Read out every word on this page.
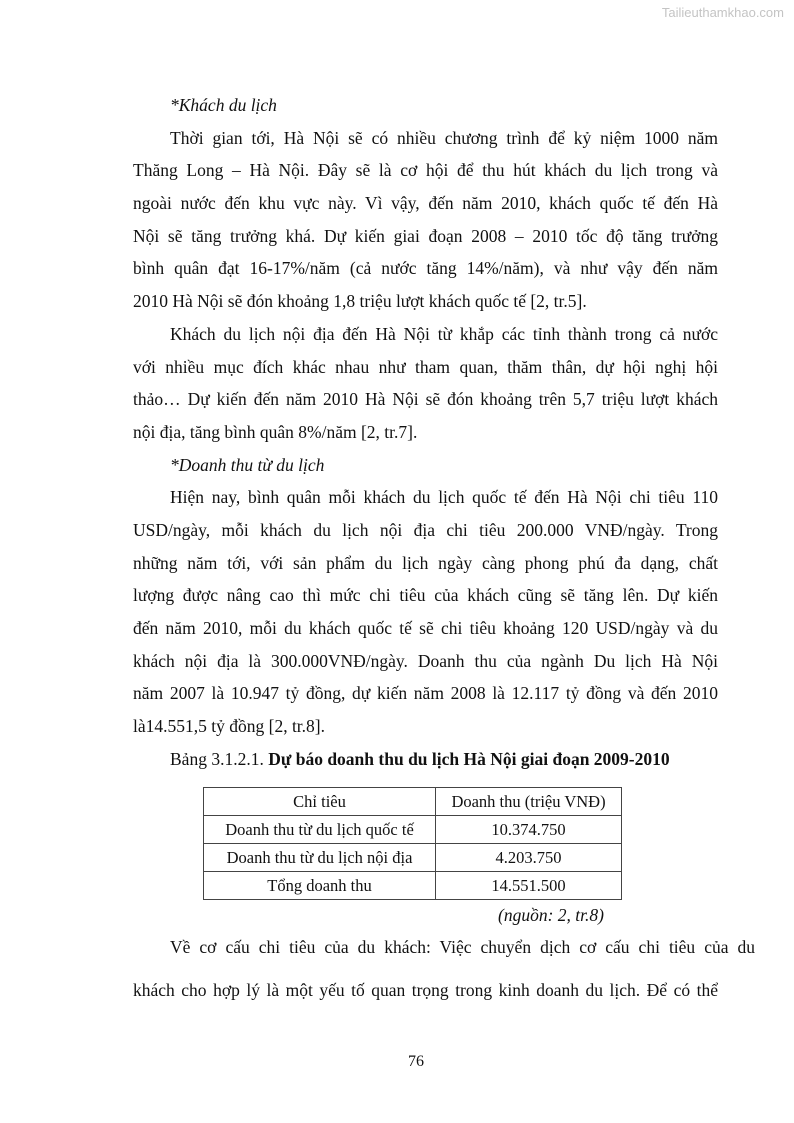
Tailieuthamkhao.com
*Khách du lịch
Thời gian tới, Hà Nội sẽ có nhiều chương trình để kỷ niệm 1000 năm
Thăng Long – Hà Nội. Đây sẽ là cơ hội để thu hút khách du lịch trong và
ngoài nước đến khu vực này. Vì vậy, đến năm 2010, khách quốc tế đến Hà
Nội sẽ tăng trưởng khá. Dự kiến giai đoạn 2008 – 2010 tốc độ tăng trưởng
bình quân đạt 16-17%/năm (cả nước tăng 14%/năm), và như vậy đến năm
2010 Hà Nội sẽ đón khoảng 1,8 triệu lượt khách quốc tế [2, tr.5].
Khách du lịch nội địa đến Hà Nội từ khắp các tỉnh thành trong cả nước
với nhiều mục đích khác nhau như tham quan, thăm thân, dự hội nghị hội
thảo… Dự kiến đến năm 2010 Hà Nội sẽ đón khoảng trên 5,7 triệu lượt khách
nội địa, tăng bình quân 8%/năm [2, tr.7].
*Doanh thu từ du lịch
Hiện nay, bình quân mỗi khách du lịch quốc tế đến Hà Nội chi tiêu 110
USD/ngày, mỗi khách du lịch nội địa chi tiêu 200.000 VNĐ/ngày. Trong
những năm tới, với sản phẩm du lịch ngày càng phong phú đa dạng, chất
lượng được nâng cao thì mức chi tiêu của khách cũng sẽ tăng lên. Dự kiến
đến năm 2010, mỗi du khách quốc tế sẽ chi tiêu khoảng 120 USD/ngày và du
khách nội địa là 300.000VNĐ/ngày. Doanh thu của ngành Du lịch Hà Nội
năm 2007 là 10.947 tỷ đồng, dự kiến năm 2008 là 12.117 tỷ đồng và đến 2010
là14.551,5 tỷ đồng [2, tr.8].
Bảng 3.1.2.1. Dự báo doanh thu du lịch Hà Nội giai đoạn 2009-2010
Chỉ tiêu	Doanh thu (triệu VNĐ)
Doanh thu từ du lịch quốc tế	10.374.750
Doanh thu từ du lịch nội địa	4.203.750
Tổng doanh thu	14.551.500
(nguồn: 2, tr.8)
Về cơ cấu chi tiêu của du khách: Việc chuyển dịch cơ cấu chi tiêu của du
khách cho hợp lý là một yếu tố quan trọng trong kinh doanh du lịch. Để có thể
76
